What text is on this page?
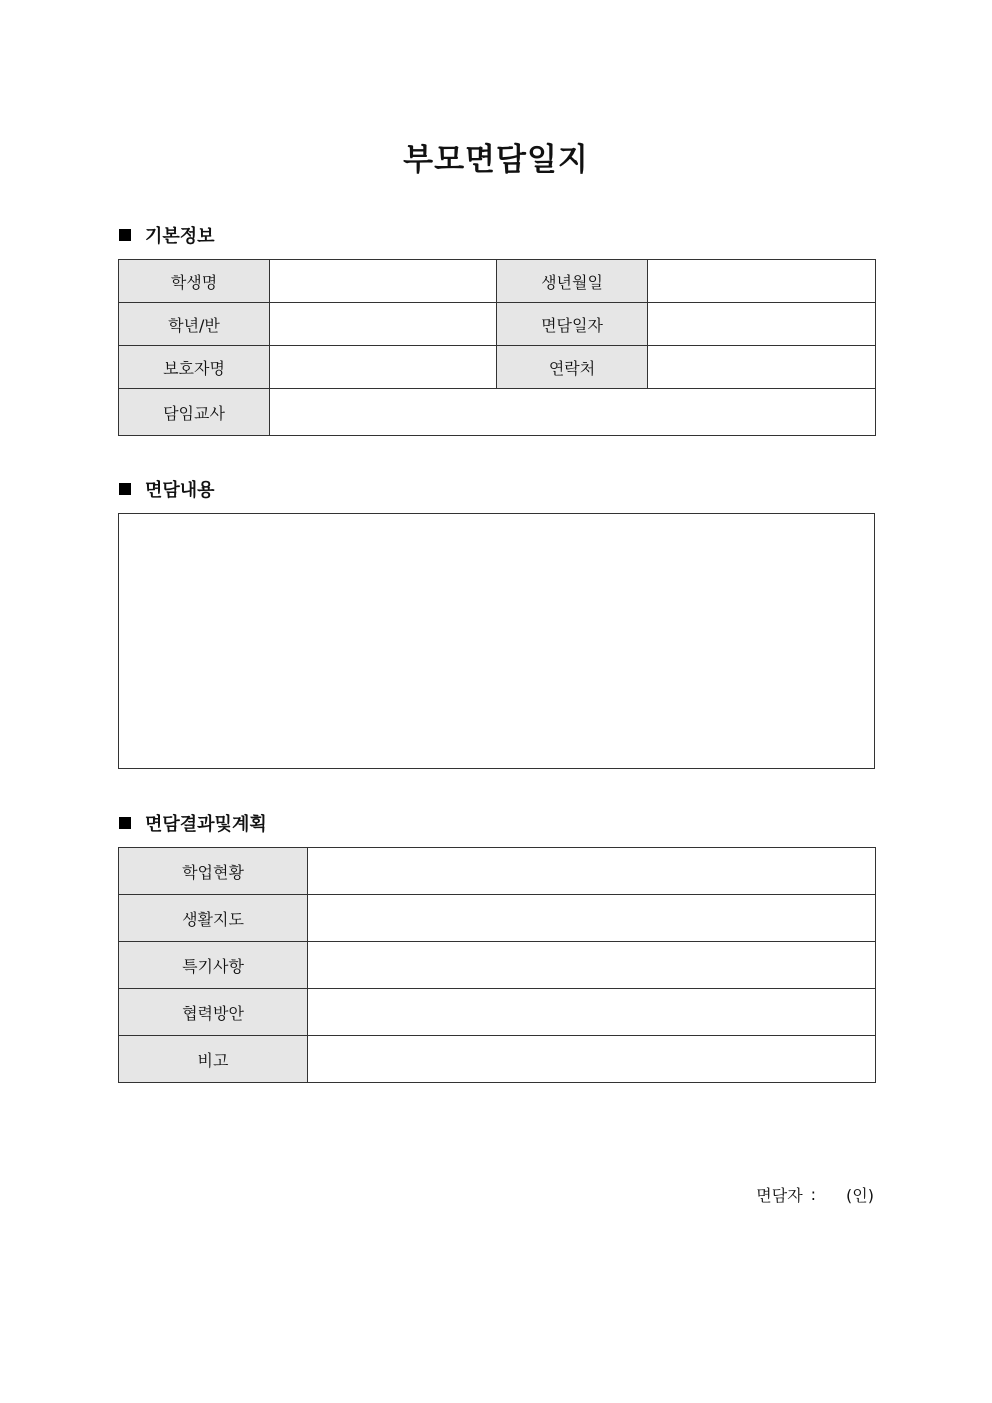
부모면담일지
기본정보
학생명		생년월일	
학년/반		면담일자	
보호자명		연락처	
담임교사			
면담내용
면담결과및계획
학업현황	
생활지도	
특기사항	
협력방안	
비고	
면담자 : (인)
